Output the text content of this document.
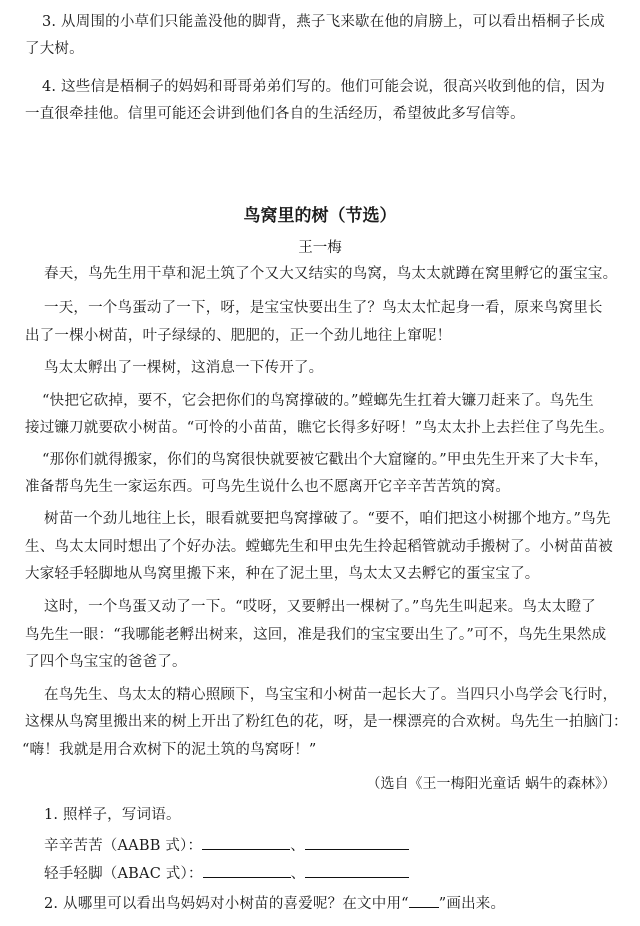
3. 从周围的小草们只能盖没他的脚背，燕子飞来歇在他的肩膀上，可以看出梧桐子长成
了大树。
4. 这些信是梧桐子的妈妈和哥哥弟弟们写的。他们可能会说，很高兴收到他的信，因为
一直很牵挂他。信里可能还会讲到他们各自的生活经历，希望彼此多写信等。
鸟窝里的树（节选）
王一梅
春天，鸟先生用干草和泥土筑了个又大又结实的鸟窝，鸟太太就蹲在窝里孵它的蛋宝宝。
一天，一个鸟蛋动了一下，呀，是宝宝快要出生了？鸟太太忙起身一看，原来鸟窝里长
出了一棵小树苗，叶子绿绿的、肥肥的，正一个劲儿地往上窜呢！
鸟太太孵出了一棵树，这消息一下传开了。
“快把它砍掉，要不，它会把你们的鸟窝撑破的。”螳螂先生扛着大镰刀赶来了。鸟先生
接过镰刀就要砍小树苗。“可怜的小苗苗，瞧它长得多好呀！”鸟太太扑上去拦住了鸟先生。
“那你们就得搬家，你们的鸟窝很快就要被它戳出个大窟窿的。”甲虫先生开来了大卡车，
准备帮鸟先生一家运东西。可鸟先生说什么也不愿离开它辛辛苦苦筑的窝。
树苗一个劲儿地往上长，眼看就要把鸟窝撑破了。“要不，咱们把这小树挪个地方。”鸟先
生、鸟太太同时想出了个好办法。螳螂先生和甲虫先生拎起稻管就动手搬树了。小树苗苗被
大家轻手轻脚地从鸟窝里搬下来，种在了泥土里，鸟太太又去孵它的蛋宝宝了。
这时，一个鸟蛋又动了一下。“哎呀，又要孵出一棵树了。”鸟先生叫起来。鸟太太瞪了
鸟先生一眼：“我哪能老孵出树来，这回，准是我们的宝宝要出生了。”可不，鸟先生果然成
了四个鸟宝宝的爸爸了。
在鸟先生、鸟太太的精心照顾下，鸟宝宝和小树苗一起长大了。当四只小鸟学会飞行时，
这棵从鸟窝里搬出来的树上开出了粉红色的花，呀，是一棵漂亮的合欢树。鸟先生一拍脑门：
“嗨！我就是用合欢树下的泥土筑的鸟窝呀！”
（选自《王一梅阳光童话 蜗牛的森林》）
1. 照样子，写词语。
辛辛苦苦（AABB 式）：	、
轻手轻脚（ABAC 式）：	、
2. 从哪里可以看出鸟妈妈对小树苗的喜爱呢？在文中用“ ”画出来。
